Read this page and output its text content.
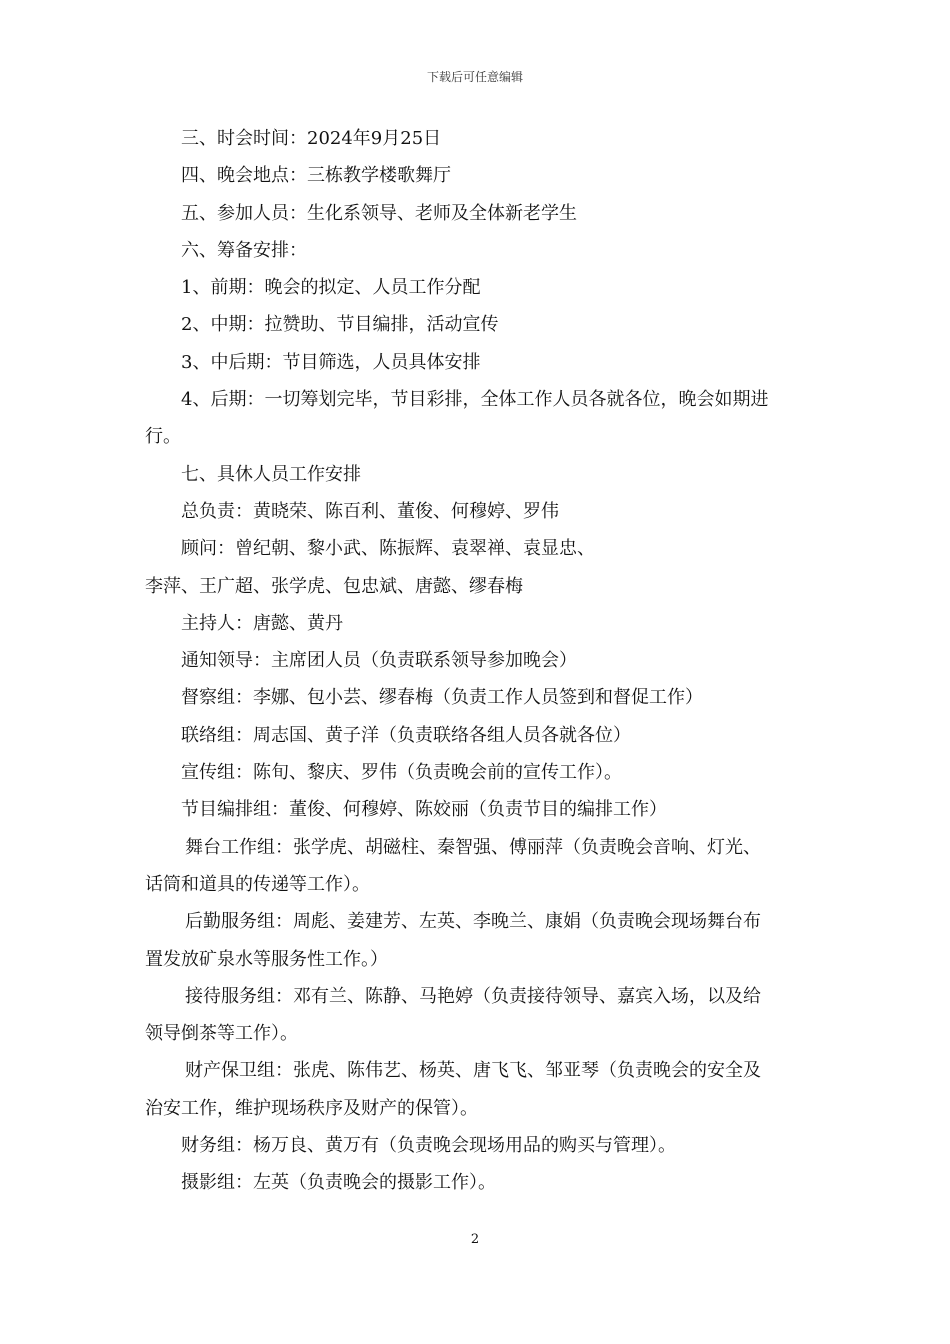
下载后可任意编辑

三、时会时间：2024年9月25日

四、晚会地点：三栋教学楼歌舞厅

五、参加人员：生化系领导、老师及全体新老学生

六、筹备安排：

1、前期：晚会的拟定、人员工作分配

2、中期：拉赞助、节目编排，活动宣传

3、中后期：节目筛选，人员具体安排

4、后期：一切筹划完毕，节目彩排，全体工作人员各就各位，晚会如期进

行。

七、具休人员工作安排

总负责：黄晓荣、陈百利、董俊、何穆婷、罗伟

顾问：曾纪朝、黎小武、陈振辉、袁翠禅、袁显忠、

李萍、王广超、张学虎、包忠斌、唐懿、缪春梅

主持人：唐懿、黄丹

通知领导：主席团人员（负责联系领导参加晚会）

督察组：李娜、包小芸、缪春梅（负责工作人员签到和督促工作）

联络组：周志国、黄子洋（负责联络各组人员各就各位）

宣传组：陈旬、黎庆、罗伟（负责晚会前的宣传工作）。

节目编排组：董俊、何穆婷、陈姣丽（负责节目的编排工作）

舞台工作组：张学虎、胡磁柱、秦智强、傅丽萍（负责晚会音响、灯光、

话筒和道具的传递等工作）。

后勤服务组：周彪、姜建芳、左英、李晚兰、康娟（负责晚会现场舞台布

置发放矿泉水等服务性工作。）

接待服务组：邓有兰、陈静、马艳婷（负责接待领导、嘉宾入场，以及给

领导倒茶等工作）。

财产保卫组：张虎、陈伟艺、杨英、唐飞飞、邹亚琴（负责晚会的安全及

治安工作，维护现场秩序及财产的保管）。

财务组：杨万良、黄万有（负责晚会现场用品的购买与管理）。

摄影组：左英（负责晚会的摄影工作）。

2
